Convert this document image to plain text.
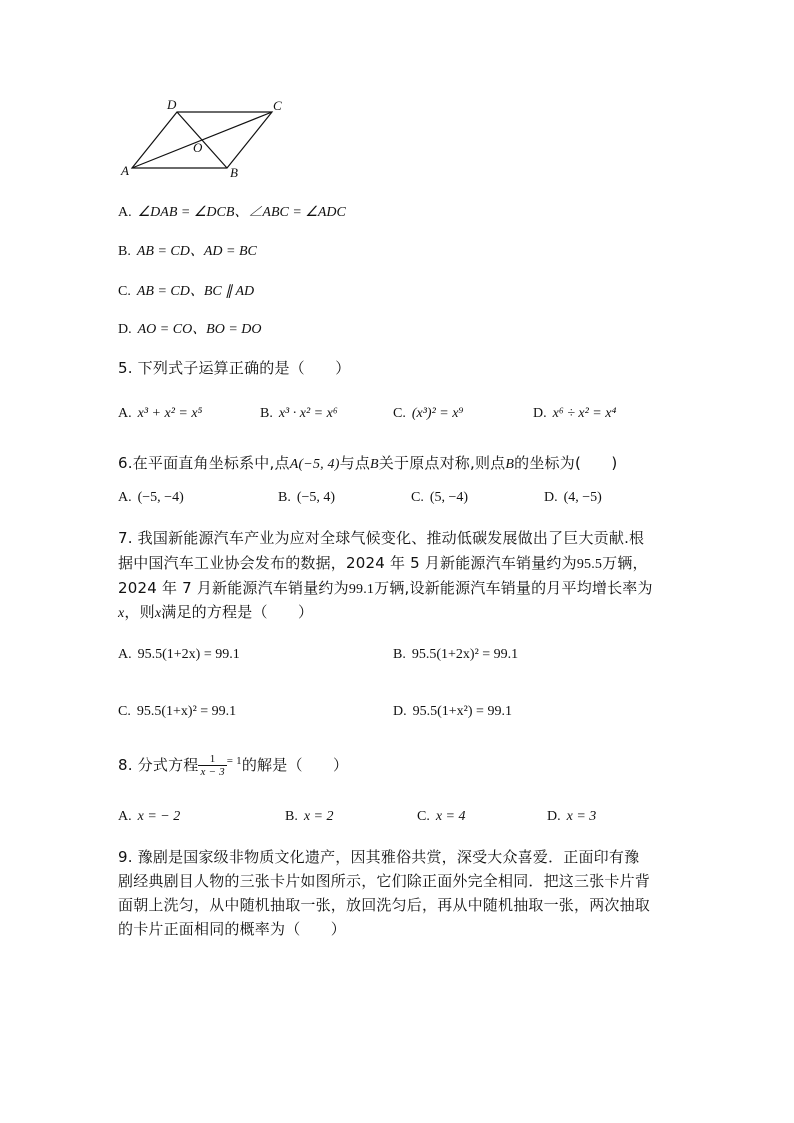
A	B
C
D
O
A. ∠DAB = ∠DCB、∠ABC = ∠ADC
B. AB = CD、AD = BC
C. AB = CD、BC ∥ AD
D. AO = CO、BO = DO
5. 下列式子运算正确的是（　　）
A. x³ + x² = x⁵	B. x³ · x² = x⁶	C. (x³)² = x⁹	D. x⁶ ÷ x² = x⁴
6.在平面直角坐标系中,点A(−5, 4)与点B关于原点对称,则点B的坐标为(　　)
A. (−5, −4)	B. (−5, 4)	C. (5, −4)	D. (4, −5)
7. 我国新能源汽车产业为应对全球气候变化、推动低碳发展做出了巨大贡献.根
据中国汽车工业协会发布的数据，2024 年 5 月新能源汽车销量约为95.5万辆，
2024 年 7 月新能源汽车销量约为99.1万辆,设新能源汽车销量的月平均增长率为
x，则x满足的方程是（　　）
A. 95.5(1+2x) = 99.1	B. 95.5(1+2x)² = 99.1
C. 95.5(1+x)² = 99.1	D. 95.5(1+x²) = 99.1
8. 分式方程 $\frac{1}{x - 3} ^{= 1}$的解是（　　）
A. x = − 2	B. x = 2	C. x = 4	D. x = 3
9. 豫剧是国家级非物质文化遗产，因其雅俗共赏，深受大众喜爱．正面印有豫
剧经典剧目人物的三张卡片如图所示，它们除正面外完全相同．把这三张卡片背
面朝上洗匀，从中随机抽取一张，放回洗匀后，再从中随机抽取一张，两次抽取
的卡片正面相同的概率为（　　）
